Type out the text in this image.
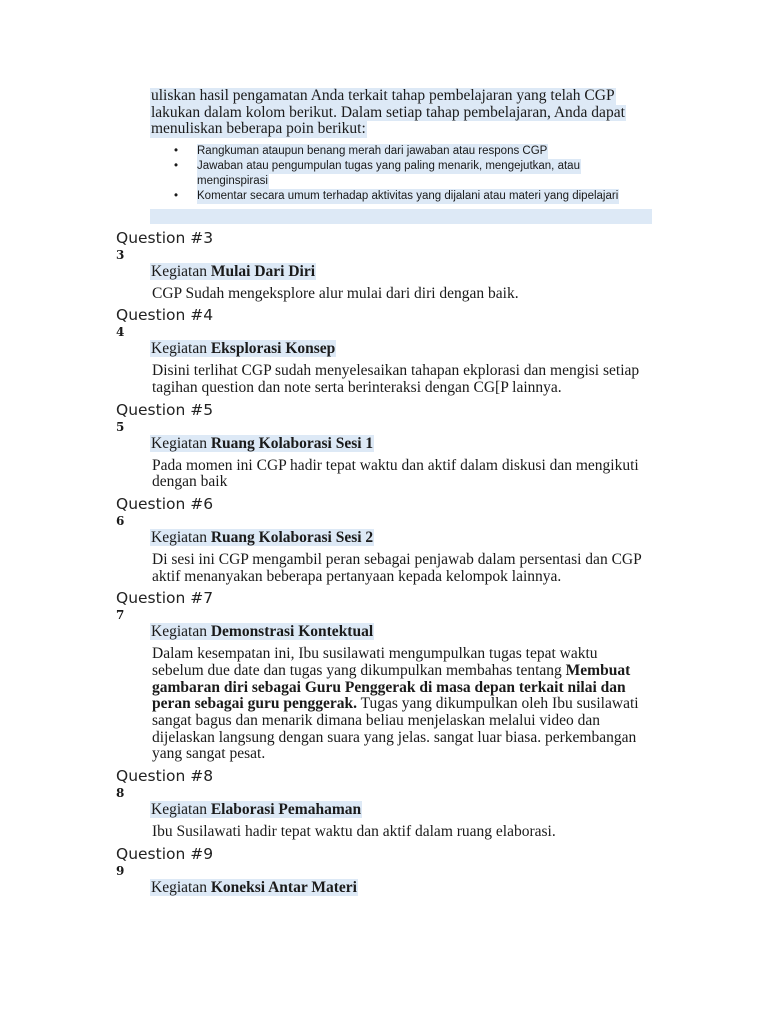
uliskan hasil pengamatan Anda terkait tahap pembelajaran yang telah CGP
lakukan dalam kolom berikut. Dalam setiap tahap pembelajaran, Anda dapat
menuliskan beberapa poin berikut:
• Rangkuman ataupun benang merah dari jawaban atau respons CGP
• Jawaban atau pengumpulan tugas yang paling menarik, mengejutkan, atau
menginspirasi
• Komentar secara umum terhadap aktivitas yang dijalani atau materi yang dipelajari
Question #3
3
Kegiatan Mulai Dari Diri
CGP Sudah mengeksplore alur mulai dari diri dengan baik.
Question #4
4
Kegiatan Eksplorasi Konsep
Disini terlihat CGP sudah menyelesaikan tahapan ekplorasi dan mengisi setiap
tagihan question dan note serta berinteraksi dengan CG[P lainnya.
Question #5
5
Kegiatan Ruang Kolaborasi Sesi 1
Pada momen ini CGP hadir tepat waktu dan aktif dalam diskusi dan mengikuti
dengan baik
Question #6
6
Kegiatan Ruang Kolaborasi Sesi 2
Di sesi ini CGP mengambil peran sebagai penjawab dalam persentasi dan CGP
aktif menanyakan beberapa pertanyaan kepada kelompok lainnya.
Question #7
7
Kegiatan Demonstrasi Kontektual
Dalam kesempatan ini, Ibu susilawati mengumpulkan tugas tepat waktu
sebelum due date dan tugas yang dikumpulkan membahas tentang Membuat
gambaran diri sebagai Guru Penggerak di masa depan terkait nilai dan
peran sebagai guru penggerak. Tugas yang dikumpulkan oleh Ibu susilawati
sangat bagus dan menarik dimana beliau menjelaskan melalui video dan
dijelaskan langsung dengan suara yang jelas. sangat luar biasa. perkembangan
yang sangat pesat.
Question #8
8
Kegiatan Elaborasi Pemahaman
Ibu Susilawati hadir tepat waktu dan aktif dalam ruang elaborasi.
Question #9
9
Kegiatan Koneksi Antar Materi
